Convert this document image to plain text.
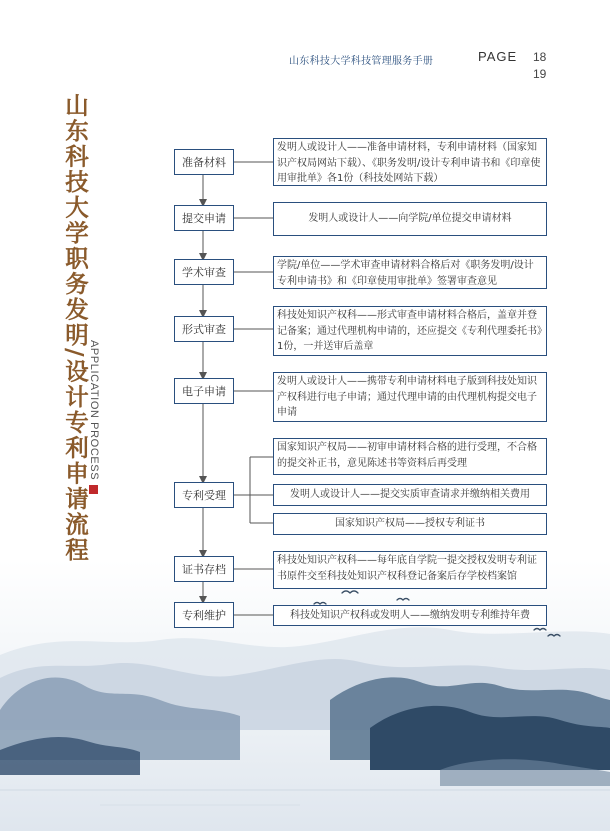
山东科技大学科技管理服务手册	PAGE 18
19
山东科技大学职务发明/设计专利申请流程 APPLICATION PROCESS
准备材料
提交申请
学术审查
形式审查
电子申请
专利受理
证书存档
专利维护
发明人或设计人——准备申请材料，专利申请材料（国家知识产权局网站下载）、《职务发明/设计专利申请书和《印章使用审批单》各1份（科技处网站下载）
发明人或设计人——向学院/单位提交申请材料
学院/单位——学术审查申请材料合格后对《职务发明/设计专利申请书》和《印章使用审批单》签署审查意见
科技处知识产权科——形式审查申请材料合格后，盖章并登记备案；通过代理机构申请的，还应提交《专利代理委托书》1份，一并送审后盖章
发明人或设计人——携带专利申请材料电子版到科技处知识产权科进行电子申请；通过代理申请的由代理机构提交电子申请
国家知识产权局——初审申请材料合格的进行受理，不合格的提交补正书，意见陈述书等资料后再受理
发明人或设计人——提交实质审查请求并缴纳相关费用
国家知识产权局——授权专利证书
科技处知识产权科——每年底自学院一提交授权发明专利证书原件交至科技处知识产权科登记备案后存学校档案馆
科技处知识产权科或发明人——缴纳发明专利维持年费
